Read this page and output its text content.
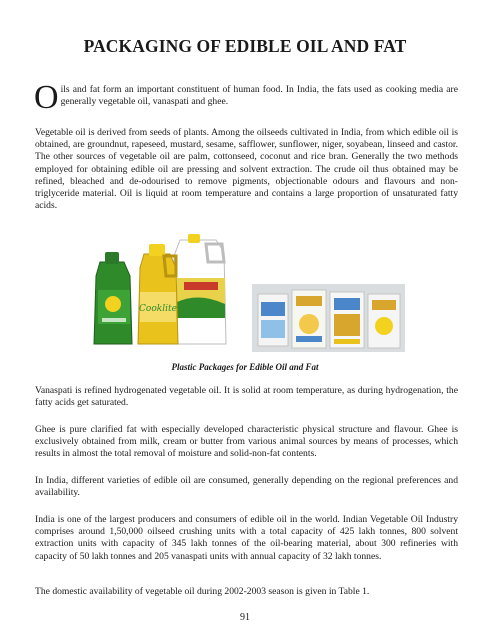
PACKAGING OF EDIBLE OIL AND FAT
Oils and fat form an important constituent of human food. In India, the fats used as cooking media are generally vegetable oil, vanaspati and ghee.
Vegetable oil is derived from seeds of plants. Among the oilseeds cultivated in India, from which edible oil is obtained, are groundnut, rapeseed, mustard, sesame, safflower, sunflower, niger, soyabean, linseed and castor. The other sources of vegetable oil are palm, cottonseed, coconut and rice bran. Generally the two methods employed for obtaining edible oil are pressing and solvent extraction. The crude oil thus obtained may be refined, bleached and de-odourised to remove pigments, objectionable odours and flavours and non-triglyceride material. Oil is liquid at room temperature and contains a large proportion of unsaturated fatty acids.
Cooklite
Plastic Packages for Edible Oil and Fat
Vanaspati is refined hydrogenated vegetable oil. It is solid at room temperature, as during hydrogenation, the fatty acids get saturated.
Ghee is pure clarified fat with especially developed characteristic physical structure and flavour. Ghee is exclusively obtained from milk, cream or butter from various animal sources by means of processes, which results in almost the total removal of moisture and solid-non-fat contents.
In India, different varieties of edible oil are consumed, generally depending on the regional preferences and availability.
India is one of the largest producers and consumers of edible oil in the world. Indian Vegetable Oil Industry comprises around 1,50,000 oilseed crushing units with a total capacity of 425 lakh tonnes, 800 solvent extraction units with capacity of 345 lakh tonnes of the oil-bearing material, about 300 refineries with capacity of 50 lakh tonnes and 205 vanaspati units with annual capacity of 32 lakh tonnes.
The domestic availability of vegetable oil during 2002-2003 season is given in Table 1.
91
